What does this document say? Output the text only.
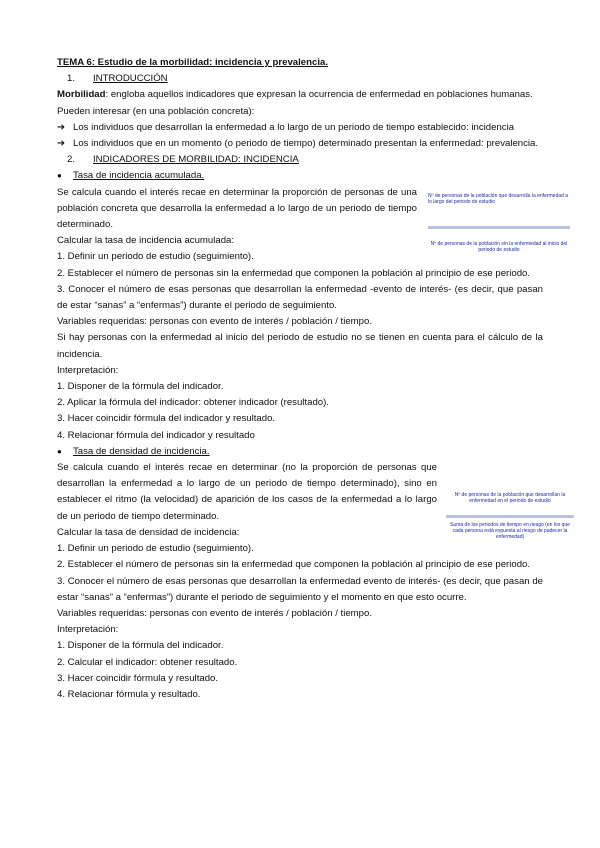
TEMA 6: Estudio de la morbilidad: incidencia y prevalencia.

1. INTRODUCCIÓN

Morbilidad: engloba aquellos indicadores que expresan la ocurrencia de enfermedad en poblaciones humanas.

Pueden interesar (en una población concreta):

➔ Los individuos que desarrollan la enfermedad a lo largo de un periodo de tiempo establecido: incidencia
➔ Los individuos que en un momento (o periodo de tiempo) determinado presentan la enfermedad: prevalencia.

2. INDICADORES DE MORBILIDAD: INCIDENCIA

●	Tasa de incidencia acumulada.

Se calcula cuando el interés recae en determinar la proporción de personas de una población concreta que desarrolla la enfermedad a lo largo de un periodo de tiempo determinado.

Calcular la tasa de incidencia acumulada:

1. Definir un periodo de estudio (seguimiento).

2. Establecer el número de personas sin la enfermedad que componen la población al principio de ese periodo.

3. Conocer el número de esas personas que desarrollan la enfermedad -evento de interés- (es decir, que pasan de estar “sanas” a “enfermas”) durante el periodo de seguimiento.

Variables requeridas: personas con evento de interés / población / tiempo.

Si hay personas con la enfermedad al inicio del periodo de estudio no se tienen en cuenta para el cálculo de la incidencia.

Interpretación:

1. Disponer de la fórmula del indicador.

2. Aplicar la fórmula del indicador: obtener indicador (resultado).

3. Hacer coincidir fórmula del indicador y resultado.

4. Relacionar fórmula del indicador y resultado

●	Tasa de densidad de incidencia.

Se calcula cuando el interés recae en determinar (no la proporción de personas que desarrollan la enfermedad a lo largo de un periodo de tiempo determinado), sino en establecer el ritmo (la velocidad) de aparición de los casos de la enfermedad a lo largo de un periodo de tiempo determinado.

Calcular la tasa de densidad de incidencia:

1. Definir un periodo de estudio (seguimiento).

2. Establecer el número de personas sin la enfermedad que componen la población al principio de ese periodo.

3. Conocer el número de esas personas que desarrollan la enfermedad evento de interés- (es decir, que pasan de estar “sanas” a “enfermas”) durante el periodo de seguimiento y el momento en que esto ocurre.

Variables requeridas: personas con evento de interés / población / tiempo.

Interpretación:

1. Disponer de la fórmula del indicador.

2. Calcular el indicador: obtener resultado.

3. Hacer coincidir fórmula y resultado.

4. Relacionar fórmula y resultado.

Nº de personas de la población que desarrolla la enfermedad a lo largo del periodo de estudio
Nº de personas de la población sin la enfermedad al inicio del periodo de estudio
Nº de personas de la población que desarrollan la enfermedad en el periodo de estudio
Suma de los periodos de tiempo en riesgo (en los que cada persona está expuesta al riesgo de padecer la enfermedad)
